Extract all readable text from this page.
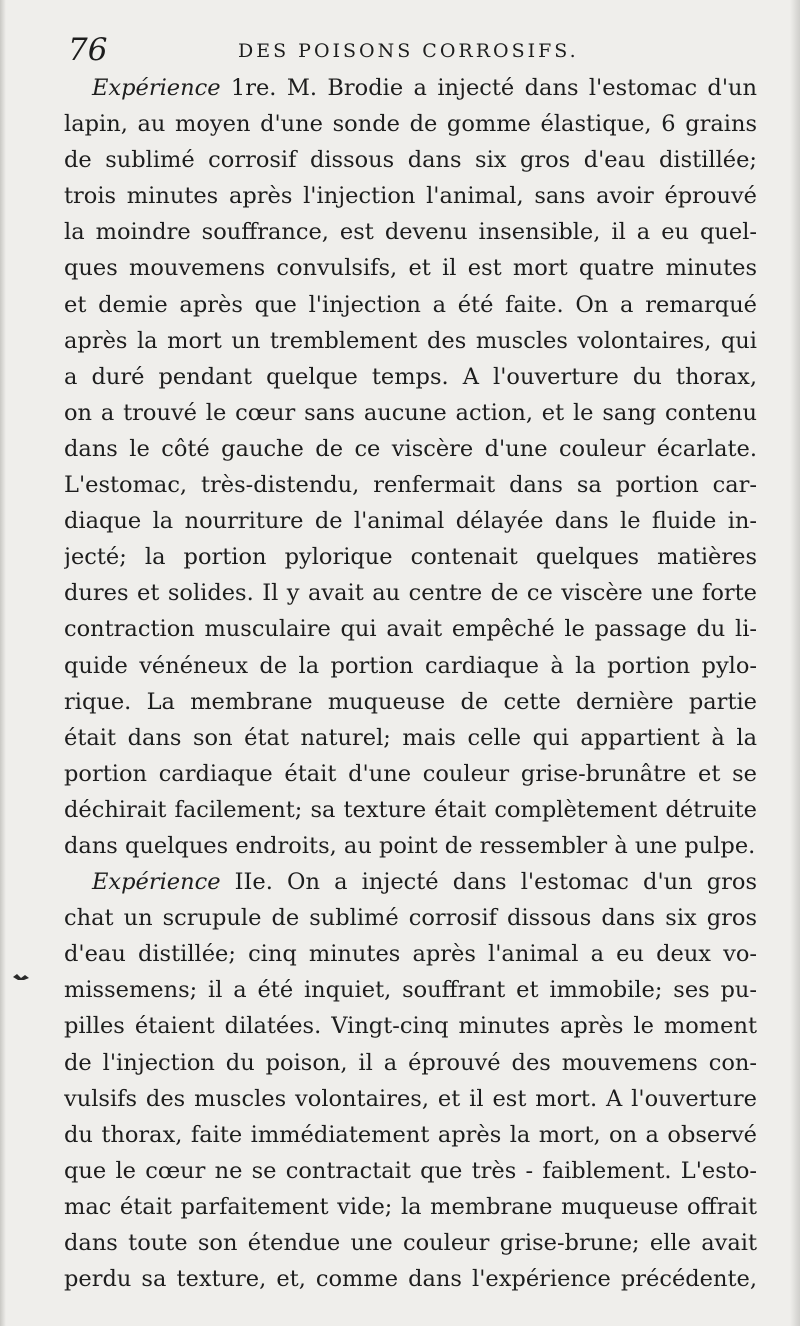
76	DES POISONS CORROSIFS.
Expérience 1re. M. Brodie a injecté dans l'estomac d'un
lapin, au moyen d'une sonde de gomme élastique, 6 grains
de sublimé corrosif dissous dans six gros d'eau distillée;
trois minutes après l'injection l'animal, sans avoir éprouvé
la moindre souffrance, est devenu insensible, il a eu quel-
ques mouvemens convulsifs, et il est mort quatre minutes
et demie après que l'injection a été faite. On a remarqué
après la mort un tremblement des muscles volontaires, qui
a duré pendant quelque temps. A l'ouverture du thorax,
on a trouvé le cœur sans aucune action, et le sang contenu
dans le côté gauche de ce viscère d'une couleur écarlate.
L'estomac, très-distendu, renfermait dans sa portion car-
diaque la nourriture de l'animal délayée dans le fluide in-
jecté; la portion pylorique contenait quelques matières
dures et solides. Il y avait au centre de ce viscère une forte
contraction musculaire qui avait empêché le passage du li-
quide vénéneux de la portion cardiaque à la portion pylo-
rique. La membrane muqueuse de cette dernière partie
était dans son état naturel; mais celle qui appartient à la
portion cardiaque était d'une couleur grise-brunâtre et se
déchirait facilement; sa texture était complètement détruite
dans quelques endroits, au point de ressembler à une pulpe.
Expérience IIe. On a injecté dans l'estomac d'un gros
chat un scrupule de sublimé corrosif dissous dans six gros
d'eau distillée; cinq minutes après l'animal a eu deux vo-
missemens; il a été inquiet, souffrant et immobile; ses pu-
pilles étaient dilatées. Vingt-cinq minutes après le moment
de l'injection du poison, il a éprouvé des mouvemens con-
vulsifs des muscles volontaires, et il est mort. A l'ouverture
du thorax, faite immédiatement après la mort, on a observé
que le cœur ne se contractait que très - faiblement. L'esto-
mac était parfaitement vide; la membrane muqueuse offrait
dans toute son étendue une couleur grise-brune; elle avait
perdu sa texture, et, comme dans l'expérience précédente,
